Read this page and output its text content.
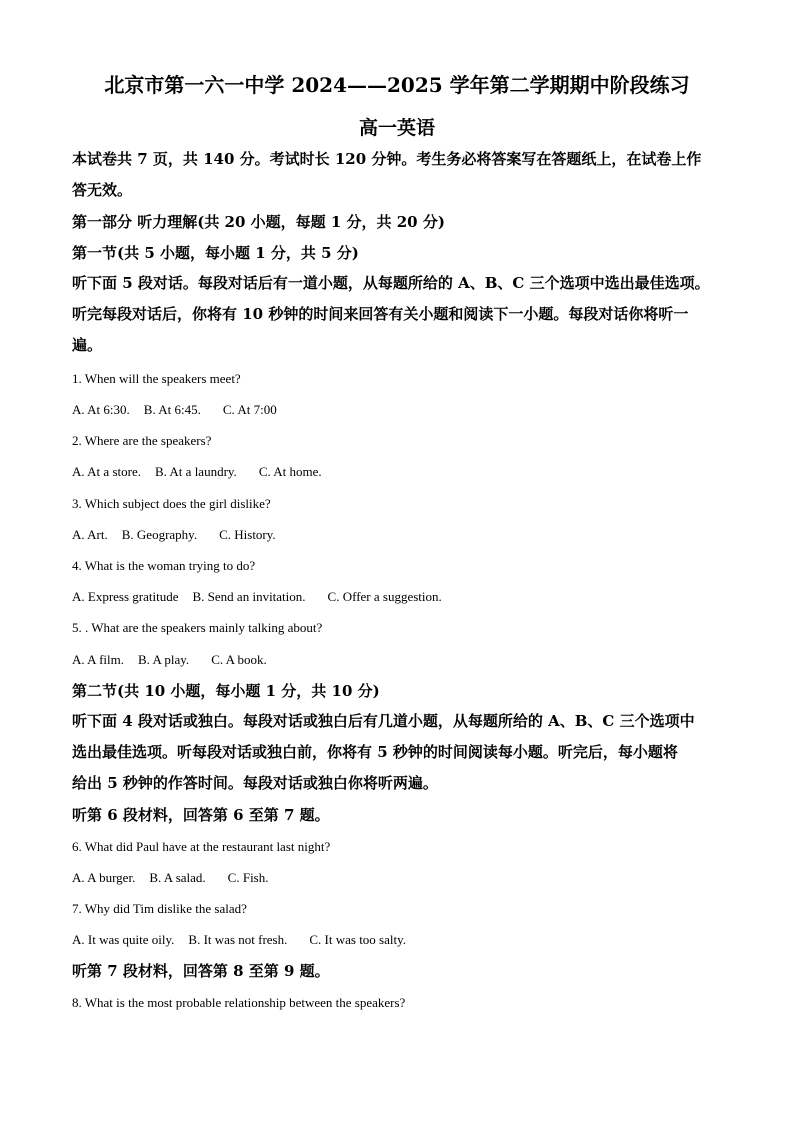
北京市第一六一中学 2024——2025 学年第二学期期中阶段练习
高一英语
本试卷共 7 页，共 140 分。考试时长 120 分钟。考生务必将答案写在答题纸上，在试卷上作
答无效。
第一部分 听力理解(共 20 小题，每题 1 分，共 20 分)
第一节(共 5 小题，每小题 1 分，共 5 分)
听下面 5 段对话。每段对话后有一道小题，从每题所给的 A、B、C 三个选项中选出最佳选项。
听完每段对话后，你将有 10 秒钟的时间来回答有关小题和阅读下一小题。每段对话你将听一
遍。
1. When will the speakers meet?
A. At 6:30. B. At 6:45. C. At 7:00
2. Where are the speakers?
A. At a store. B. At a laundry. C. At home.
3. Which subject does the girl dislike?
A. Art. B. Geography. C. History.
4. What is the woman trying to do?
A. Express gratitude B. Send an invitation. C. Offer a suggestion.
5. . What are the speakers mainly talking about?
A. A film. B. A play. C. A book.
第二节(共 10 小题，每小题 1 分，共 10 分)
听下面 4 段对话或独白。每段对话或独白后有几道小题，从每题所给的 A、B、C 三个选项中
选出最佳选项。听每段对话或独白前，你将有 5 秒钟的时间阅读每小题。听完后，每小题将
给出 5 秒钟的作答时间。每段对话或独白你将听两遍。
听第 6 段材料，回答第 6 至第 7 题。
6. What did Paul have at the restaurant last night?
A. A burger. B. A salad. C. Fish.
7. Why did Tim dislike the salad?
A. It was quite oily. B. It was not fresh. C. It was too salty.
听第 7 段材料，回答第 8 至第 9 题。
8. What is the most probable relationship between the speakers?
